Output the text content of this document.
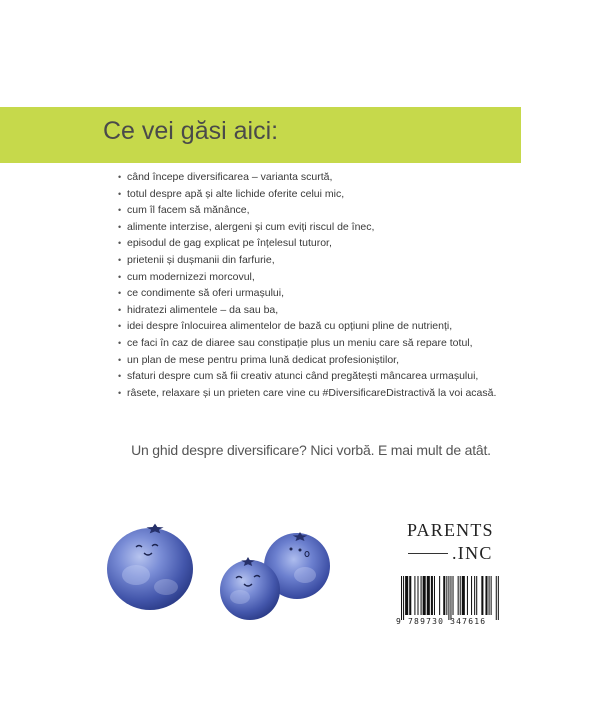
Ce vei găsi aici:
• când începe diversificarea – varianta scurtă,
• totul despre apă și alte lichide oferite celui mic,
• cum îl facem să mănânce,
• alimente interzise, alergeni și cum eviți riscul de înec,
• episodul de gag explicat pe înțelesul tuturor,
• prietenii și dușmanii din farfurie,
• cum modernizezi morcovul,
• ce condimente să oferi urmașului,
• hidratezi alimentele – da sau ba,
• idei despre înlocuirea alimentelor de bază cu opțiuni pline de nutrienți,
• ce faci în caz de diaree sau constipație plus un meniu care să repare totul,
• un plan de mese pentru prima lună dedicat profesioniștilor,
• sfaturi despre cum să fii creativ atunci când pregătești mâncarea urmașului,
• râsete, relaxare și un prieten care vine cu #DiversificareDistractivă la voi acasă.
Un ghid despre diversificare? Nici vorbă. E mai mult de atât.
PARENTS
.INC
9 789730 347616
